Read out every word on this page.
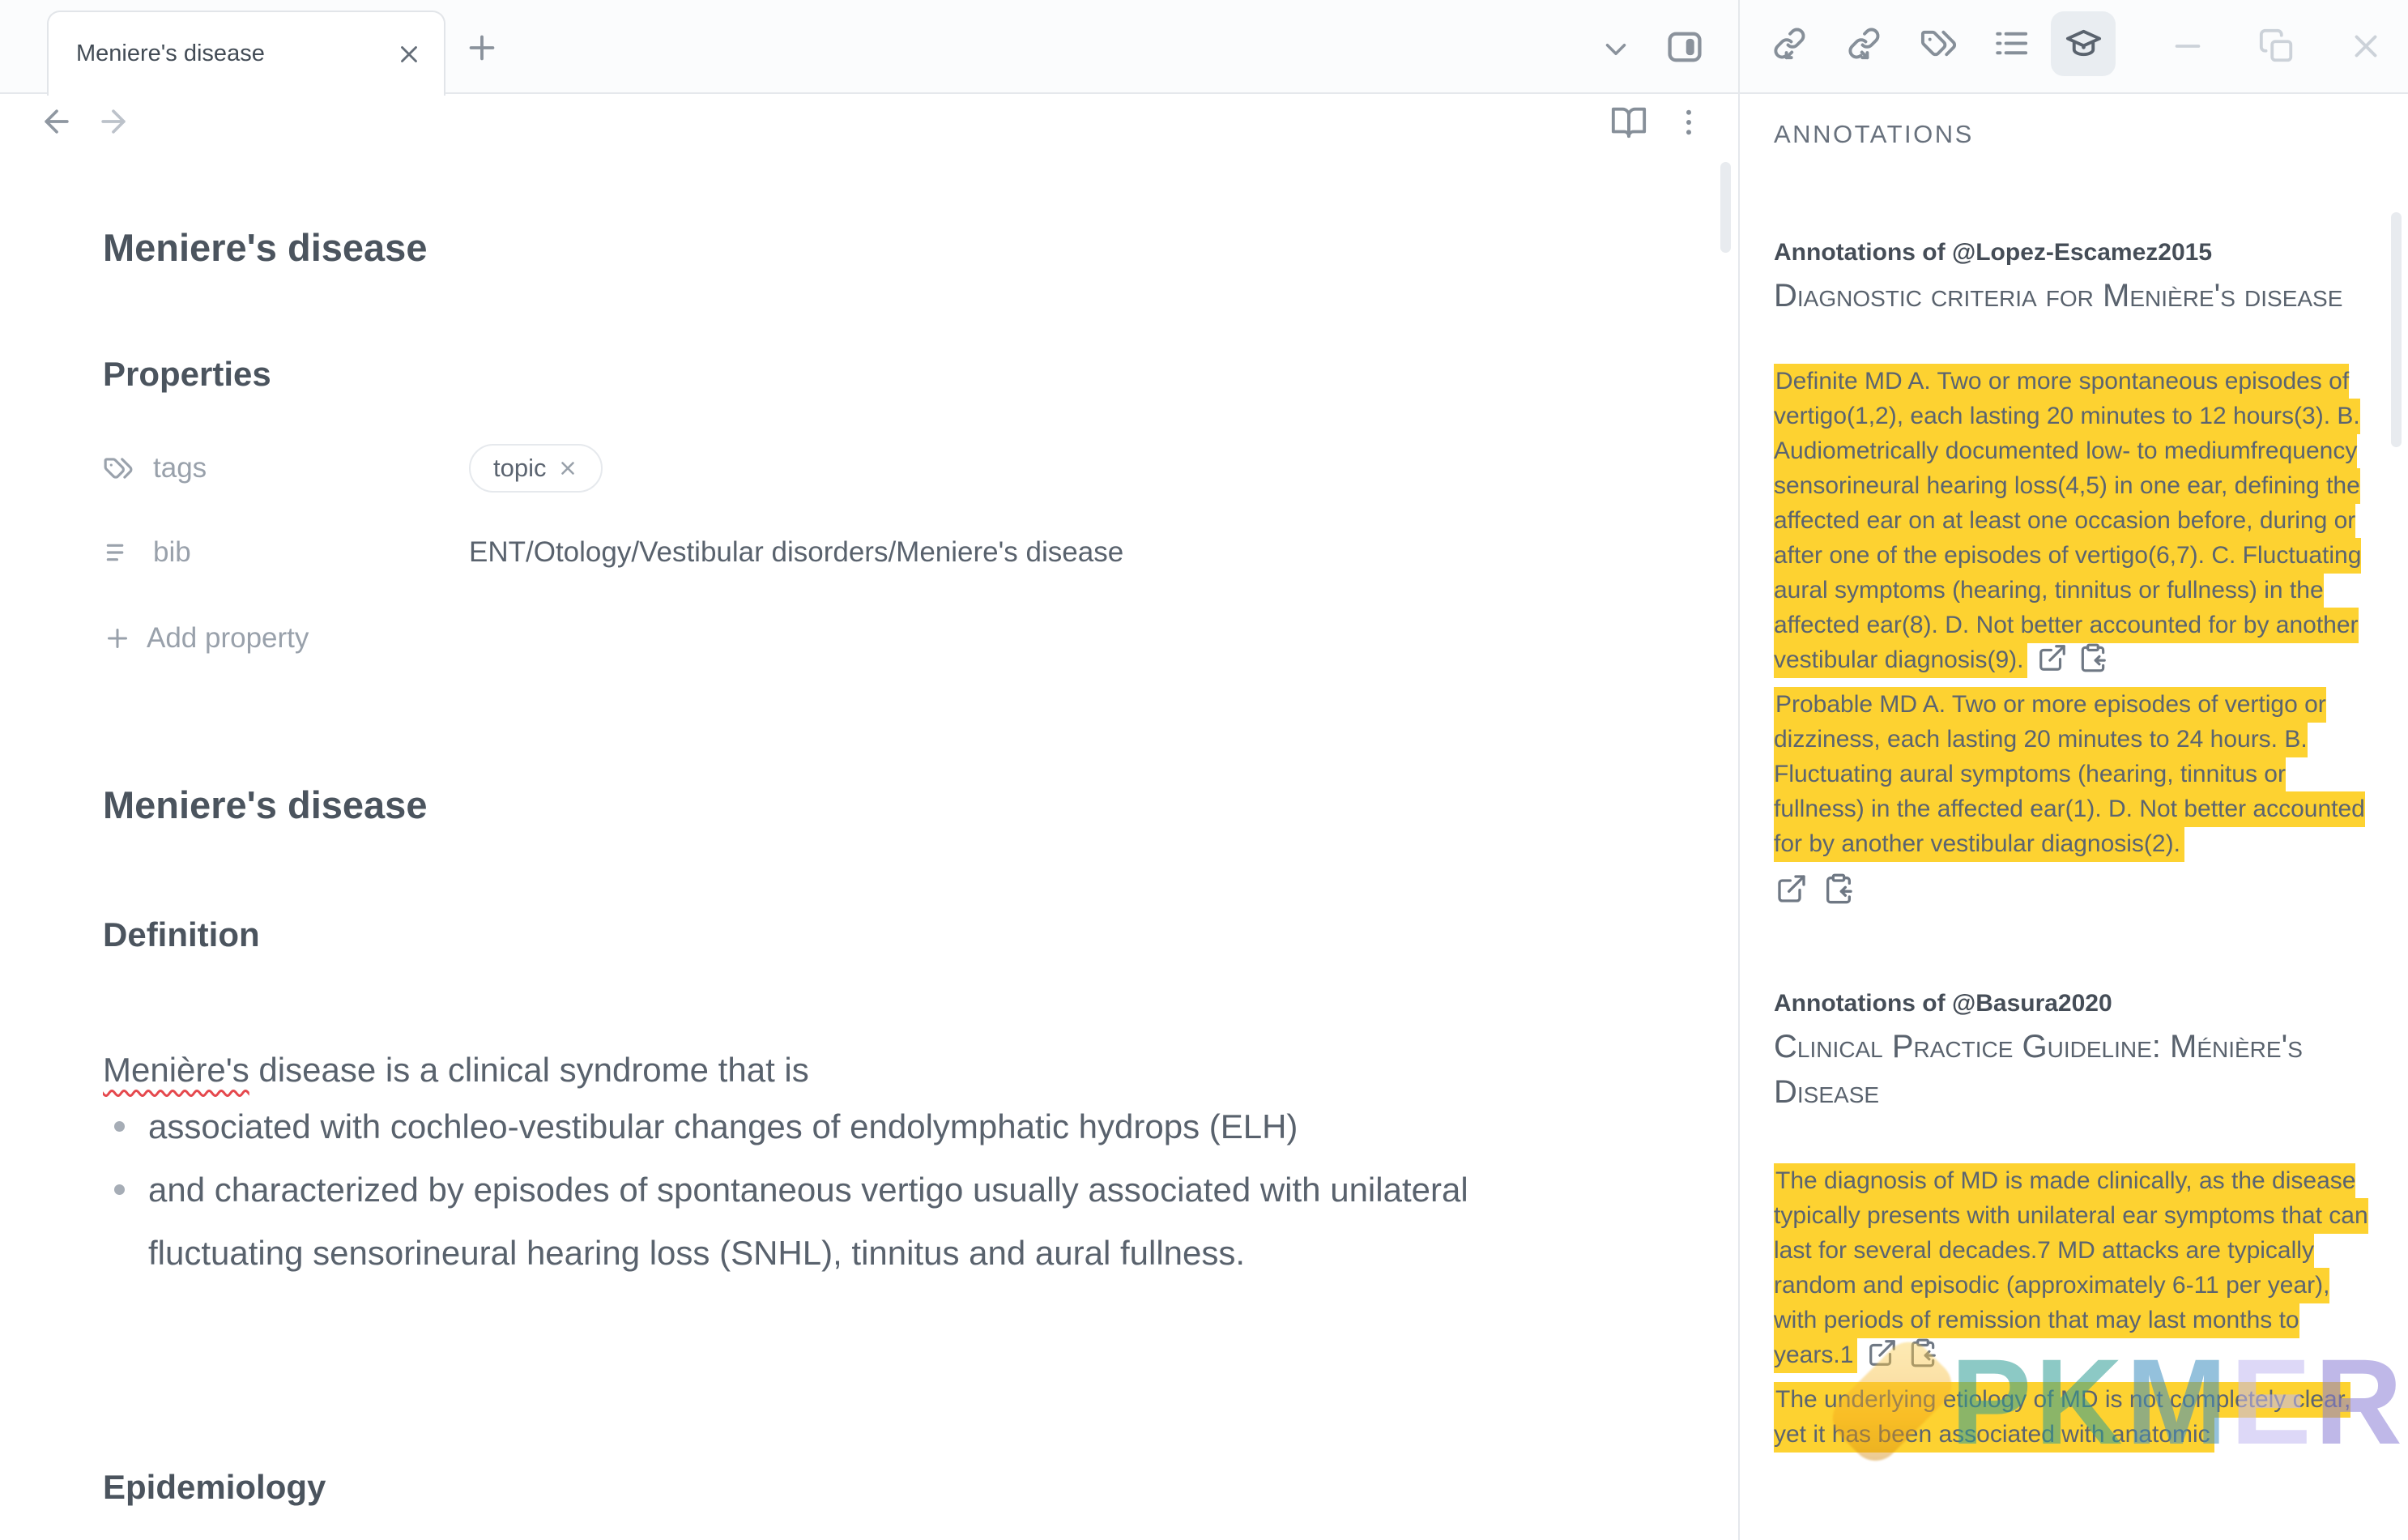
Meniere's disease
Meniere's disease
Properties
tags	topic
bib	ENT/Otology/Vestibular disorders/Meniere's disease
Add property
Meniere's disease
Definition

Menière's disease is a clinical syndrome that is

associated with cochleo-vestibular changes of endolymphatic hydrops (ELH)
and characterized by episodes of spontaneous vertigo usually associated with unilateral fluctuating sensorineural hearing loss (SNHL), tinnitus and aural fullness.
Epidemiology
ANNOTATIONS
Annotations of @Lopez-Escamez2015
Diagnostic criteria for Menière's disease

Definite MD A. Two or more spontaneous episodes of vertigo(1,2), each lasting 20 minutes to 12 hours(3). B. Audiometrically documented low- to mediumfrequency sensorineural hearing loss(4,5) in one ear, defining the affected ear on at least one occasion before, during or after one of the episodes of vertigo(6,7). C. Fluctuating aural symptoms (hearing, tinnitus or fullness) in the affected ear(8). D. Not better accounted for by another vestibular diagnosis(9).

Probable MD A. Two or more episodes of vertigo or dizziness, each lasting 20 minutes to 24 hours. B. Fluctuating aural symptoms (hearing, tinnitus or fullness) in the affected ear(1). D. Not better accounted for by another vestibular diagnosis(2).

Annotations of @Basura2020
Clinical Practice Guideline: Ménière's Disease

The diagnosis of MD is made clinically, as the disease typically presents with unilateral ear symptoms that can last for several decades.7 MD attacks are typically random and episodic (approximately 6-11 per year), with periods of remission that may last months to years.1

The underlying etiology of MD is not completely clear, yet it has been associated with anatomic

PKMER
